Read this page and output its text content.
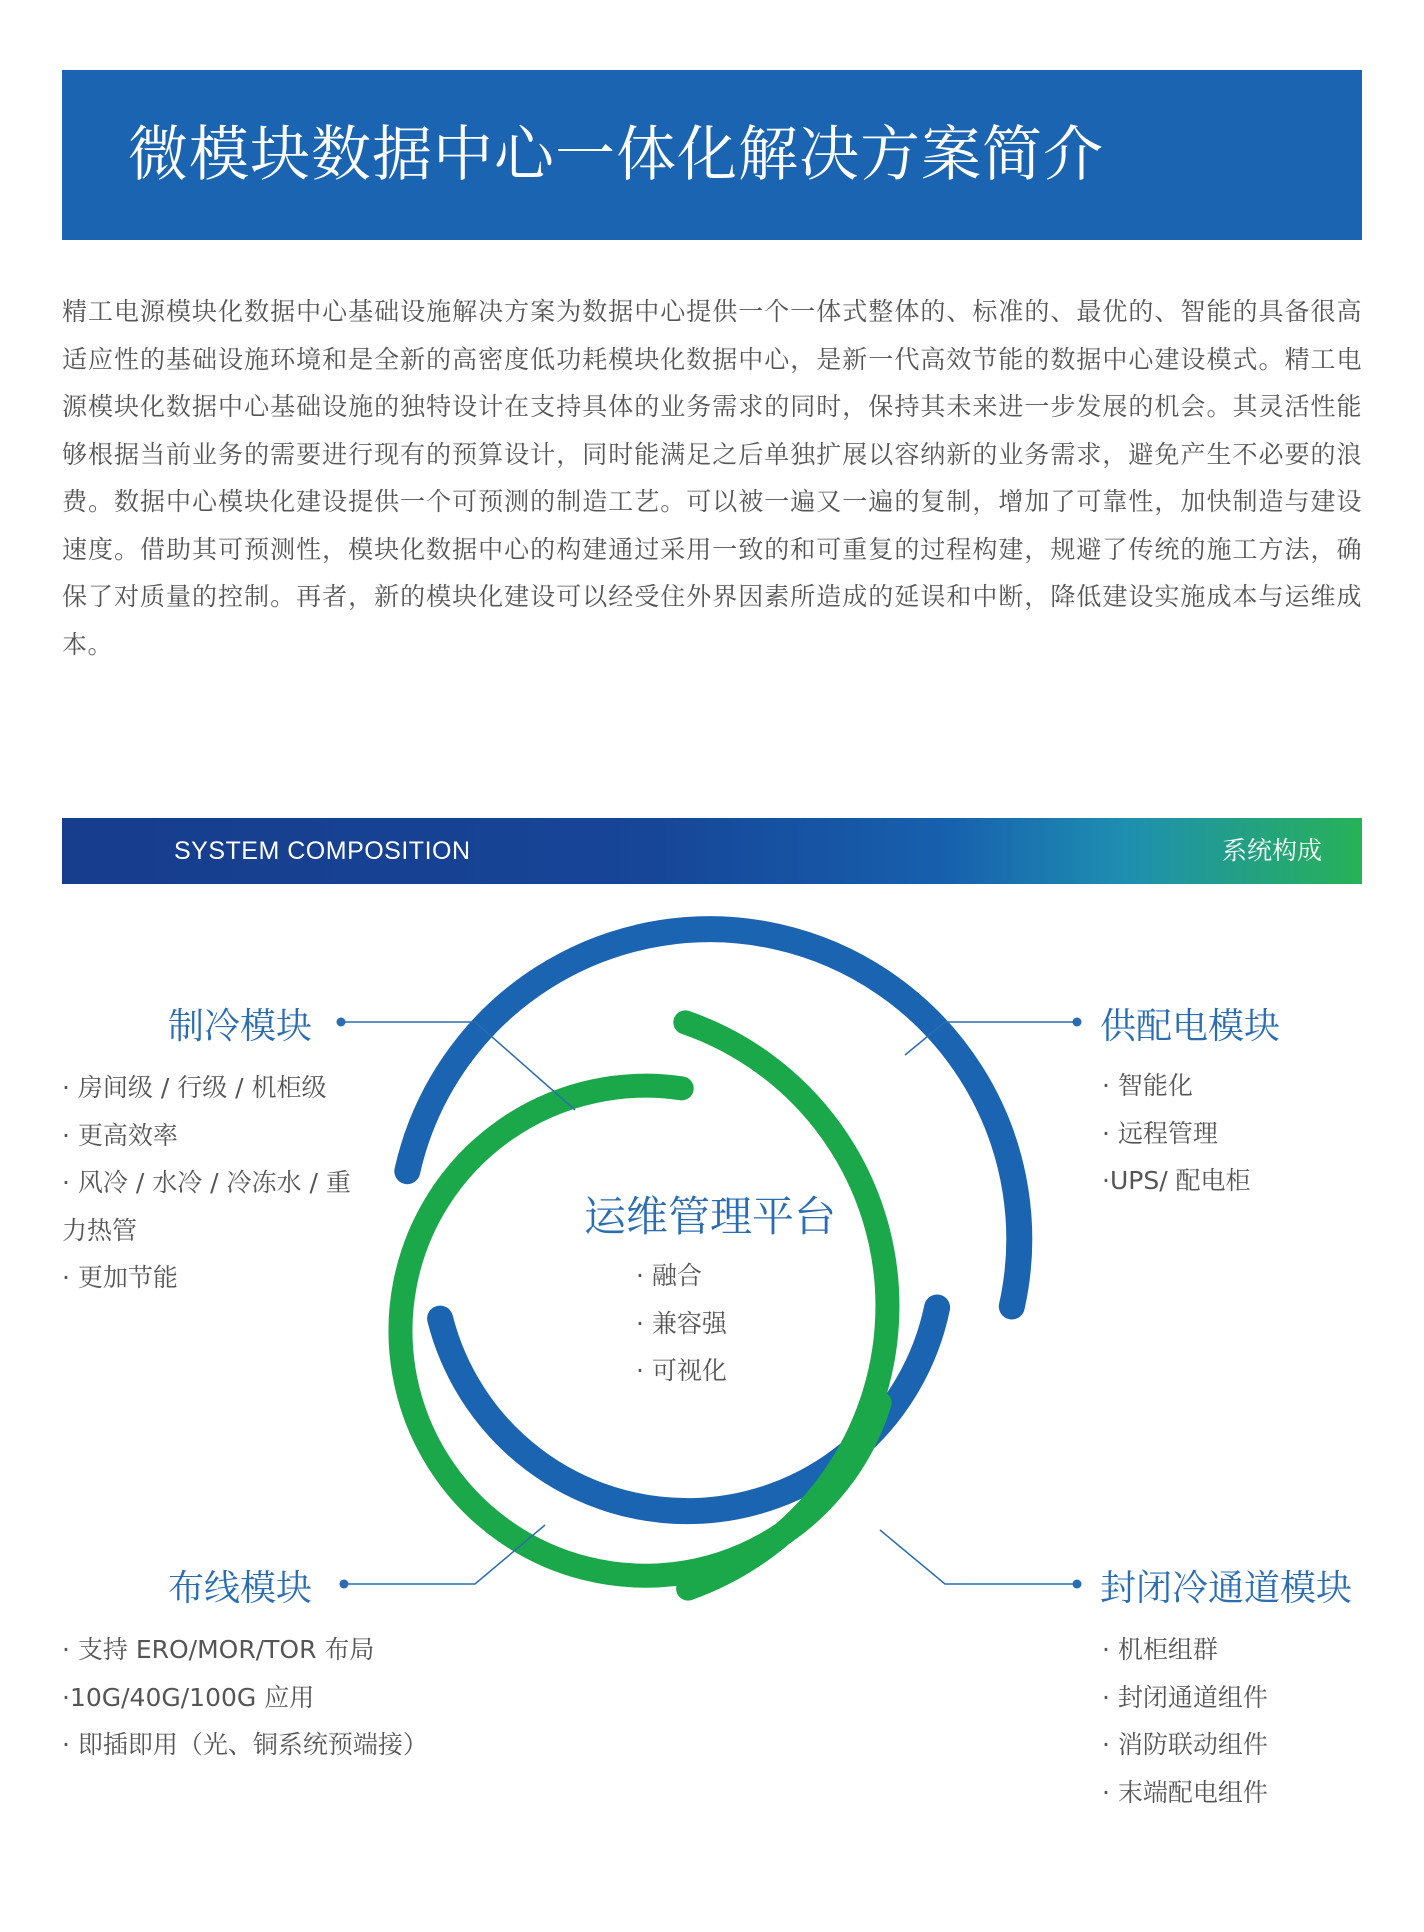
微模块数据中心一体化解决方案简介
精工电源模块化数据中心基础设施解决方案为数据中心提供一个一体式整体的、标准的、最优的、智能的具备很高适应性的基础设施环境和是全新的高密度低功耗模块化数据中心，是新一代高效节能的数据中心建设模式。精工电源模块化数据中心基础设施的独特设计在支持具体的业务需求的同时，保持其未来进一步发展的机会。其灵活性能够根据当前业务的需要进行现有的预算设计，同时能满足之后单独扩展以容纳新的业务需求，避免产生不必要的浪费。数据中心模块化建设提供一个可预测的制造工艺。可以被一遍又一遍的复制，增加了可靠性，加快制造与建设速度。借助其可预测性，模块化数据中心的构建通过采用一致的和可重复的过程构建，规避了传统的施工方法，确保了对质量的控制。再者，新的模块化建设可以经受住外界因素所造成的延误和中断，降低建设实施成本与运维成本。
SYSTEM COMPOSITION	系统构成
制冷模块
· 房间级 / 行级 / 机柜级
· 更高效率
· 风冷 / 水冷 / 冷冻水 / 重
力热管
· 更加节能
供配电模块
· 智能化
· 远程管理
·UPS/ 配电柜
运维管理平台
· 融合
· 兼容强
· 可视化
布线模块
· 支持 ERO/MOR/TOR 布局
·10G/40G/100G 应用
· 即插即用（光、铜系统预端接）
封闭冷通道模块
· 机柜组群
· 封闭通道组件
· 消防联动组件
· 末端配电组件
